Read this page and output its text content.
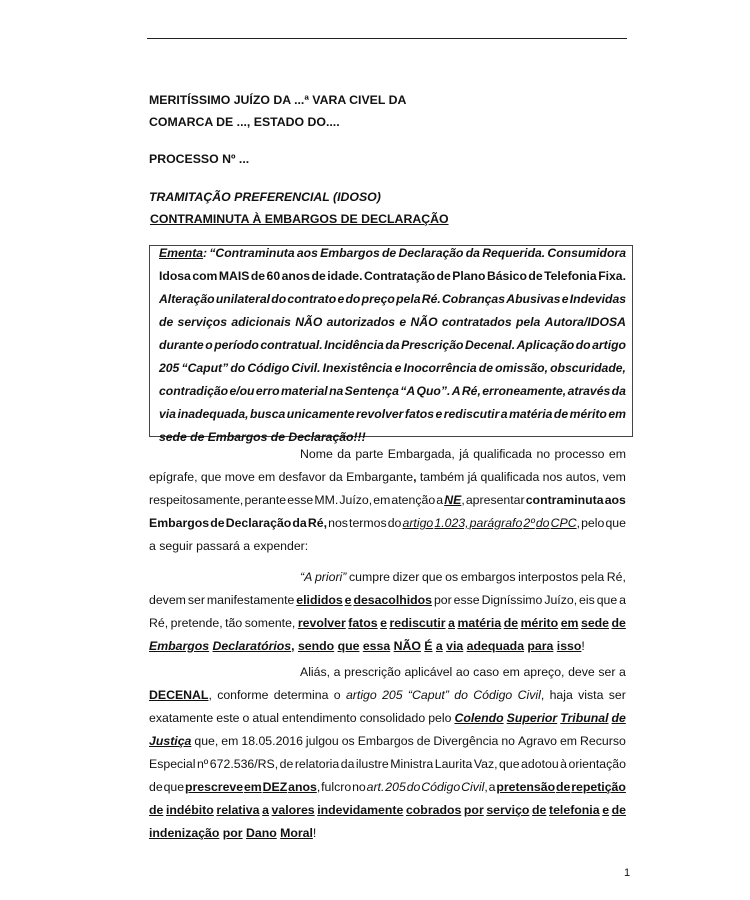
MERITÍSSIMO JUÍZO DA ...ª VARA CIVEL DA
COMARCA DE ..., ESTADO DO....
PROCESSO Nº ...
TRAMITAÇÃO PREFERENCIAL (IDOSO)
CONTRAMINUTA À EMBARGOS DE DECLARAÇÃO
Ementa: “Contraminuta aos Embargos de Declaração da Requerida. Consumidora
Idosa com MAIS de 60 anos de idade. Contratação de Plano Básico de Telefonia Fixa.
Alteração unilateral do contrato e do preço pela Ré. Cobranças Abusivas e Indevidas
de serviços adicionais NÃO autorizados e NÃO contratados pela Autora/IDOSA
durante o período contratual. Incidência da Prescrição Decenal. Aplicação do artigo
205 “Caput” do Código Civil. Inexistência e Inocorrência de omissão, obscuridade,
contradição e/ou erro material na Sentença “A Quo”. A Ré, erroneamente, através da
via inadequada, busca unicamente revolver fatos e rediscutir a matéria de mérito em
sede de Embargos de Declaração!!!
Nome da parte Embargada, já qualificada no processo em
epígrafe, que move em desfavor da Embargante, também já qualificada nos autos, vem
respeitosamente, perante esse MM. Juízo, em atenção a NE, apresentar contraminuta aos
Embargos de Declaração da Ré, nos termos do artigo 1.023, parágrafo 2º do CPC, pelo que
a seguir passará a expender:
“A priori” cumpre dizer que os embargos interpostos pela Ré,
devem ser manifestamente elididos e desacolhidos por esse Digníssimo Juízo, eis que a
Ré, pretende, tão somente, revolver fatos e rediscutir a matéria de mérito em sede de
Embargos Declaratórios, sendo que essa NÃO É a via adequada para isso!
Aliás, a prescrição aplicável ao caso em apreço, deve ser a
DECENAL, conforme determina o artigo 205 “Caput” do Código Civil, haja vista ser
exatamente este o atual entendimento consolidado pelo Colendo Superior Tribunal de
Justiça que, em 18.05.2016 julgou os Embargos de Divergência no Agravo em Recurso
Especial nº 672.536/RS, de relatoria da ilustre Ministra Laurita Vaz, que adotou à orientação
de que prescreve em DEZ anos, fulcro no art. 205 do Código Civil, a pretensão de repetição
de indébito relativa a valores indevidamente cobrados por serviço de telefonia e de
indenização por Dano Moral!
1
